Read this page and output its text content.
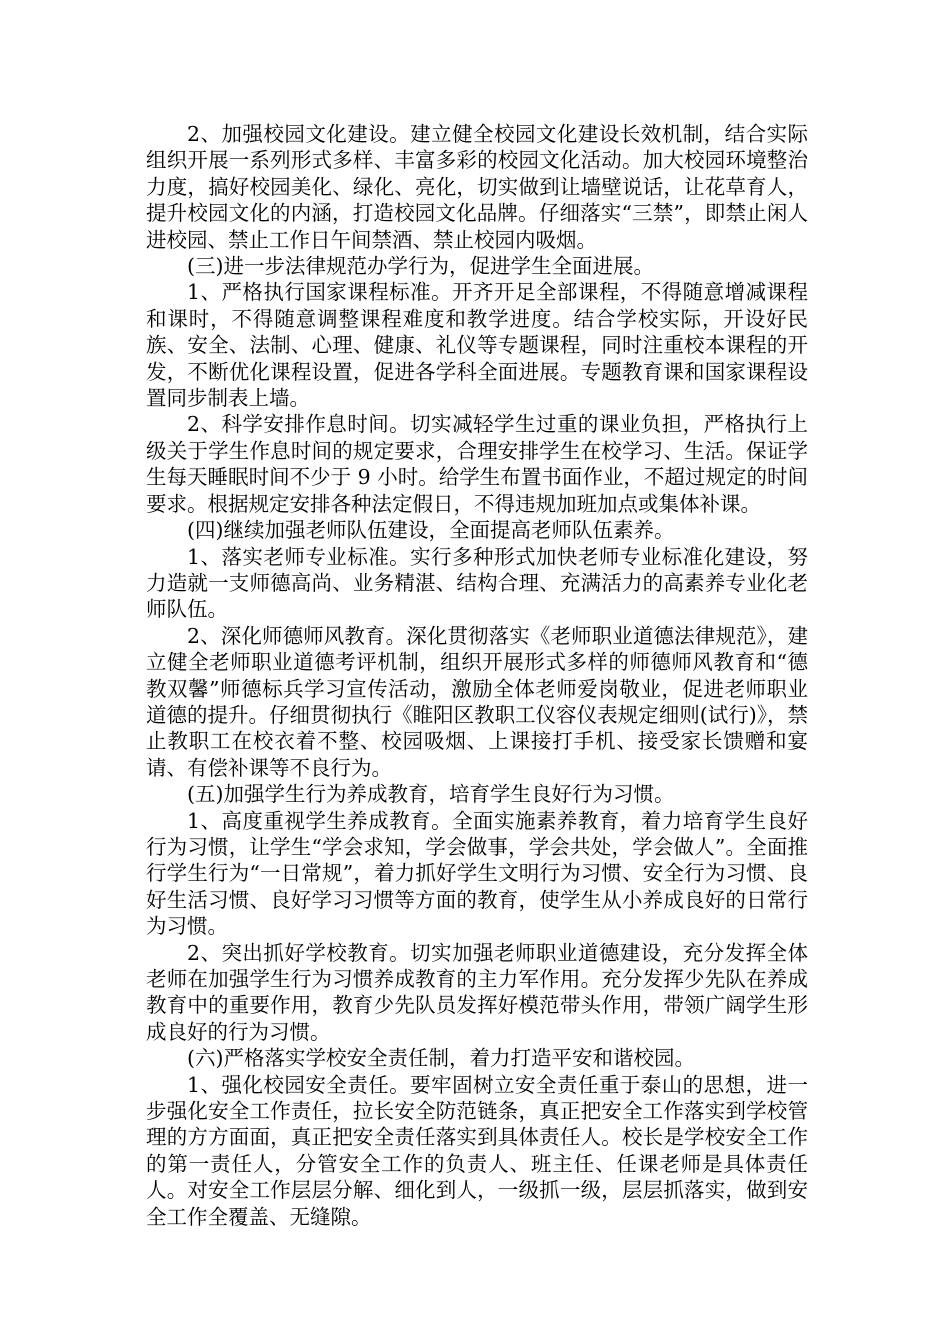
2、加强校园文化建设。建立健全校园文化建设长效机制，结合实际组织开展一系列形式多样、丰富多彩的校园文化活动。加大校园环境整治力度，搞好校园美化、绿化、亮化，切实做到让墙壁说话，让花草育人，提升校园文化的内涵，打造校园文化品牌。仔细落实“三禁”，即禁止闲人进校园、禁止工作日午间禁酒、禁止校园内吸烟。

(三)进一步法律规范办学行为，促进学生全面进展。

1、严格执行国家课程标准。开齐开足全部课程，不得随意增减课程和课时，不得随意调整课程难度和教学进度。结合学校实际，开设好民族、安全、法制、心理、健康、礼仪等专题课程，同时注重校本课程的开发，不断优化课程设置，促进各学科全面进展。专题教育课和国家课程设置同步制表上墙。

2、科学安排作息时间。切实减轻学生过重的课业负担，严格执行上级关于学生作息时间的规定要求，合理安排学生在校学习、生活。保证学生每天睡眠时间不少于 9 小时。给学生布置书面作业，不超过规定的时间要求。根据规定安排各种法定假日，不得违规加班加点或集体补课。

(四)继续加强老师队伍建设，全面提高老师队伍素养。

1、落实老师专业标准。实行多种形式加快老师专业标准化建设，努力造就一支师德高尚、业务精湛、结构合理、充满活力的高素养专业化老师队伍。

2、深化师德师风教育。深化贯彻落实《老师职业道德法律规范》，建立健全老师职业道德考评机制，组织开展形式多样的师德师风教育和“德教双馨”师德标兵学习宣传活动，激励全体老师爱岗敬业，促进老师职业道德的提升。仔细贯彻执行《睢阳区教职工仪容仪表规定细则(试行)》，禁止教职工在校衣着不整、校园吸烟、上课接打手机、接受家长馈赠和宴请、有偿补课等不良行为。

(五)加强学生行为养成教育，培育学生良好行为习惯。

1、高度重视学生养成教育。全面实施素养教育，着力培育学生良好行为习惯，让学生“学会求知，学会做事，学会共处，学会做人”。全面推行学生行为“一日常规”，着力抓好学生文明行为习惯、安全行为习惯、良好生活习惯、良好学习习惯等方面的教育，使学生从小养成良好的日常行为习惯。

2、突出抓好学校教育。切实加强老师职业道德建设，充分发挥全体老师在加强学生行为习惯养成教育的主力军作用。充分发挥少先队在养成教育中的重要作用，教育少先队员发挥好模范带头作用，带领广阔学生形成良好的行为习惯。

(六)严格落实学校安全责任制，着力打造平安和谐校园。

1、强化校园安全责任。要牢固树立安全责任重于泰山的思想，进一步强化安全工作责任，拉长安全防范链条，真正把安全工作落实到学校管理的方方面面，真正把安全责任落实到具体责任人。校长是学校安全工作的第一责任人，分管安全工作的负责人、班主任、任课老师是具体责任人。对安全工作层层分解、细化到人，一级抓一级，层层抓落实，做到安全工作全覆盖、无缝隙。
